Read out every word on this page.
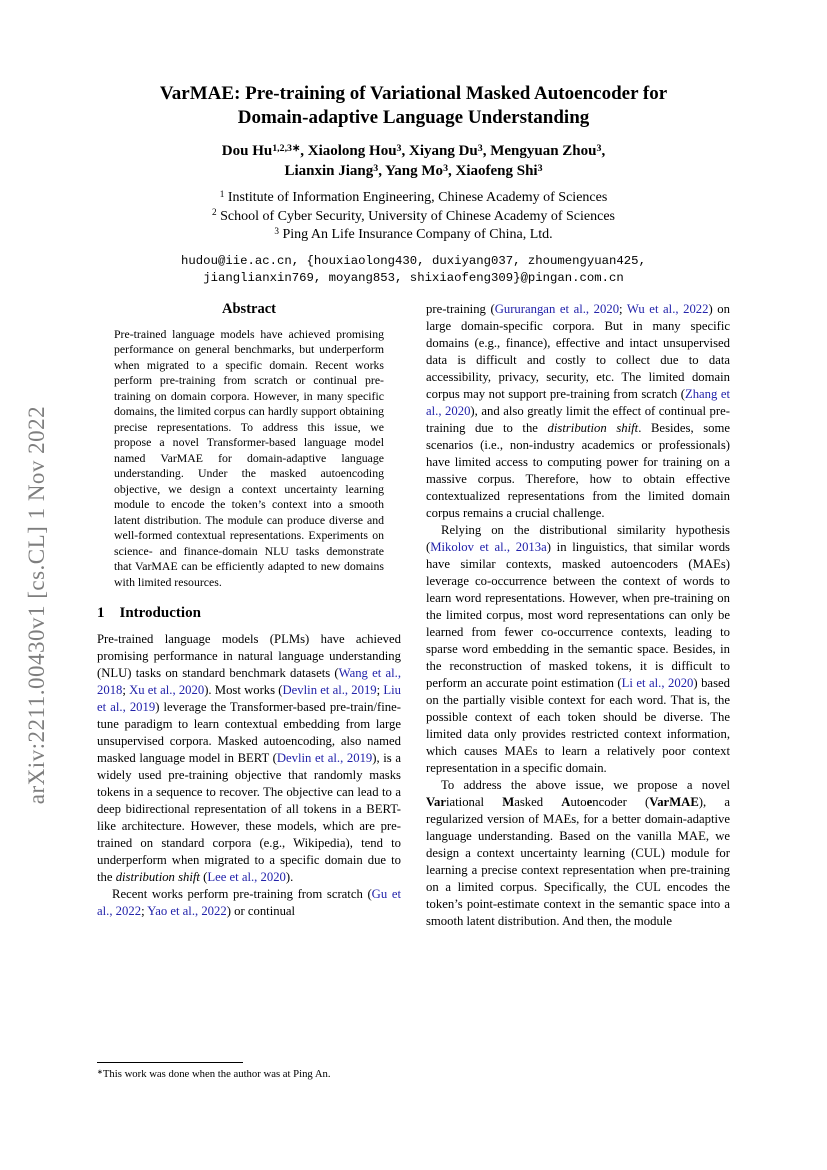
arXiv:2211.00430v1 [cs.CL] 1 Nov 2022
VarMAE: Pre-training of Variational Masked Autoencoder for
Domain-adaptive Language Understanding
Dou $Hu^{1,2,3∗}$, Xiaolong Hou$^3$, Xiyang Du$^3$, Mengyuan Zhou$^3$,
Lianxin Jiang$^3$, Yang Mo$^3$, Xiaofeng Shi$^3$
$^1$ Institute of Information Engineering, Chinese Academy of Sciences
$^2$ School of Cyber Security, University of Chinese Academy of Sciences
$^3$ Ping An Life Insurance Company of China, Ltd.
hudou@iie.ac.cn, {houxiaolong430, duxiyang037, zhoumengyuan425,
jianglianxin769, moyang853, shixiaofeng309}@pingan.com.cn
Abstract

Pre-trained language models have achieved promising performance on general benchmarks, but underperform when migrated to a specific domain. Recent works perform pre-training from scratch or continual pre-training on domain corpora. However, in many specific domains, the limited corpus can hardly support obtaining precise representations. To address this issue, we propose a novel Transformer-based language model named VarMAE for domain-adaptive language understanding. Under the masked autoencoding objective, we design a context uncertainty learning module to encode the token’s context into a smooth latent distribution. The module can produce diverse and well-formed contextual representations. Experiments on science- and finance-domain NLU tasks demonstrate that VarMAE can be efficiently adapted to new domains with limited resources.

1 Introduction

Pre-trained language models (PLMs) have achieved promising performance in natural language understanding (NLU) tasks on standard benchmark datasets (Wang et al., 2018; Xu et al., 2020). Most works (Devlin et al., 2019; Liu et al., 2019) leverage the Transformer-based pre-train/fine-tune paradigm to learn contextual embedding from large unsupervised corpora. Masked autoencoding, also named masked language model in BERT (Devlin et al., 2019), is a widely used pre-training objective that randomly masks tokens in a sequence to recover. The objective can lead to a deep bidirectional representation of all tokens in a BERT-like architecture. However, these models, which are pre-trained on standard corpora (e.g., Wikipedia), tend to underperform when migrated to a specific domain due to the distribution shift (Lee et al., 2020).

Recent works perform pre-training from scratch (Gu et al., 2022; Yao et al., 2022) or continual

pre-training (Gururangan et al., 2020; Wu et al., 2022) on large domain-specific corpora. But in many specific domains (e.g., finance), effective and intact unsupervised data is difficult and costly to collect due to data accessibility, privacy, security, etc. The limited domain corpus may not support pre-training from scratch (Zhang et al., 2020), and also greatly limit the effect of continual pre-training due to the distribution shift. Besides, some scenarios (i.e., non-industry academics or professionals) have limited access to computing power for training on a massive corpus. Therefore, how to obtain effective contextualized representations from the limited domain corpus remains a crucial challenge.

Relying on the distributional similarity hypothesis (Mikolov et al., 2013a) in linguistics, that similar words have similar contexts, masked autoencoders (MAEs) leverage co-occurrence between the context of words to learn word representations. However, when pre-training on the limited corpus, most word representations can only be learned from fewer co-occurrence contexts, leading to sparse word embedding in the semantic space. Besides, in the reconstruction of masked tokens, it is difficult to perform an accurate point estimation (Li et al., 2020) based on the partially visible context for each word. That is, the possible context of each token should be diverse. The limited data only provides restricted context information, which causes MAEs to learn a relatively poor context representation in a specific domain.

To address the above issue, we propose a novel Variational Masked Autoencoder (VarMAE), a regularized version of MAEs, for a better domain-adaptive language understanding. Based on the vanilla MAE, we design a context uncertainty learning (CUL) module for learning a precise context representation when pre-training on a limited corpus. Specifically, the CUL encodes the token’s point-estimate context in the semantic space into a smooth latent distribution. And then, the module

∗This work was done when the author was at Ping An.
